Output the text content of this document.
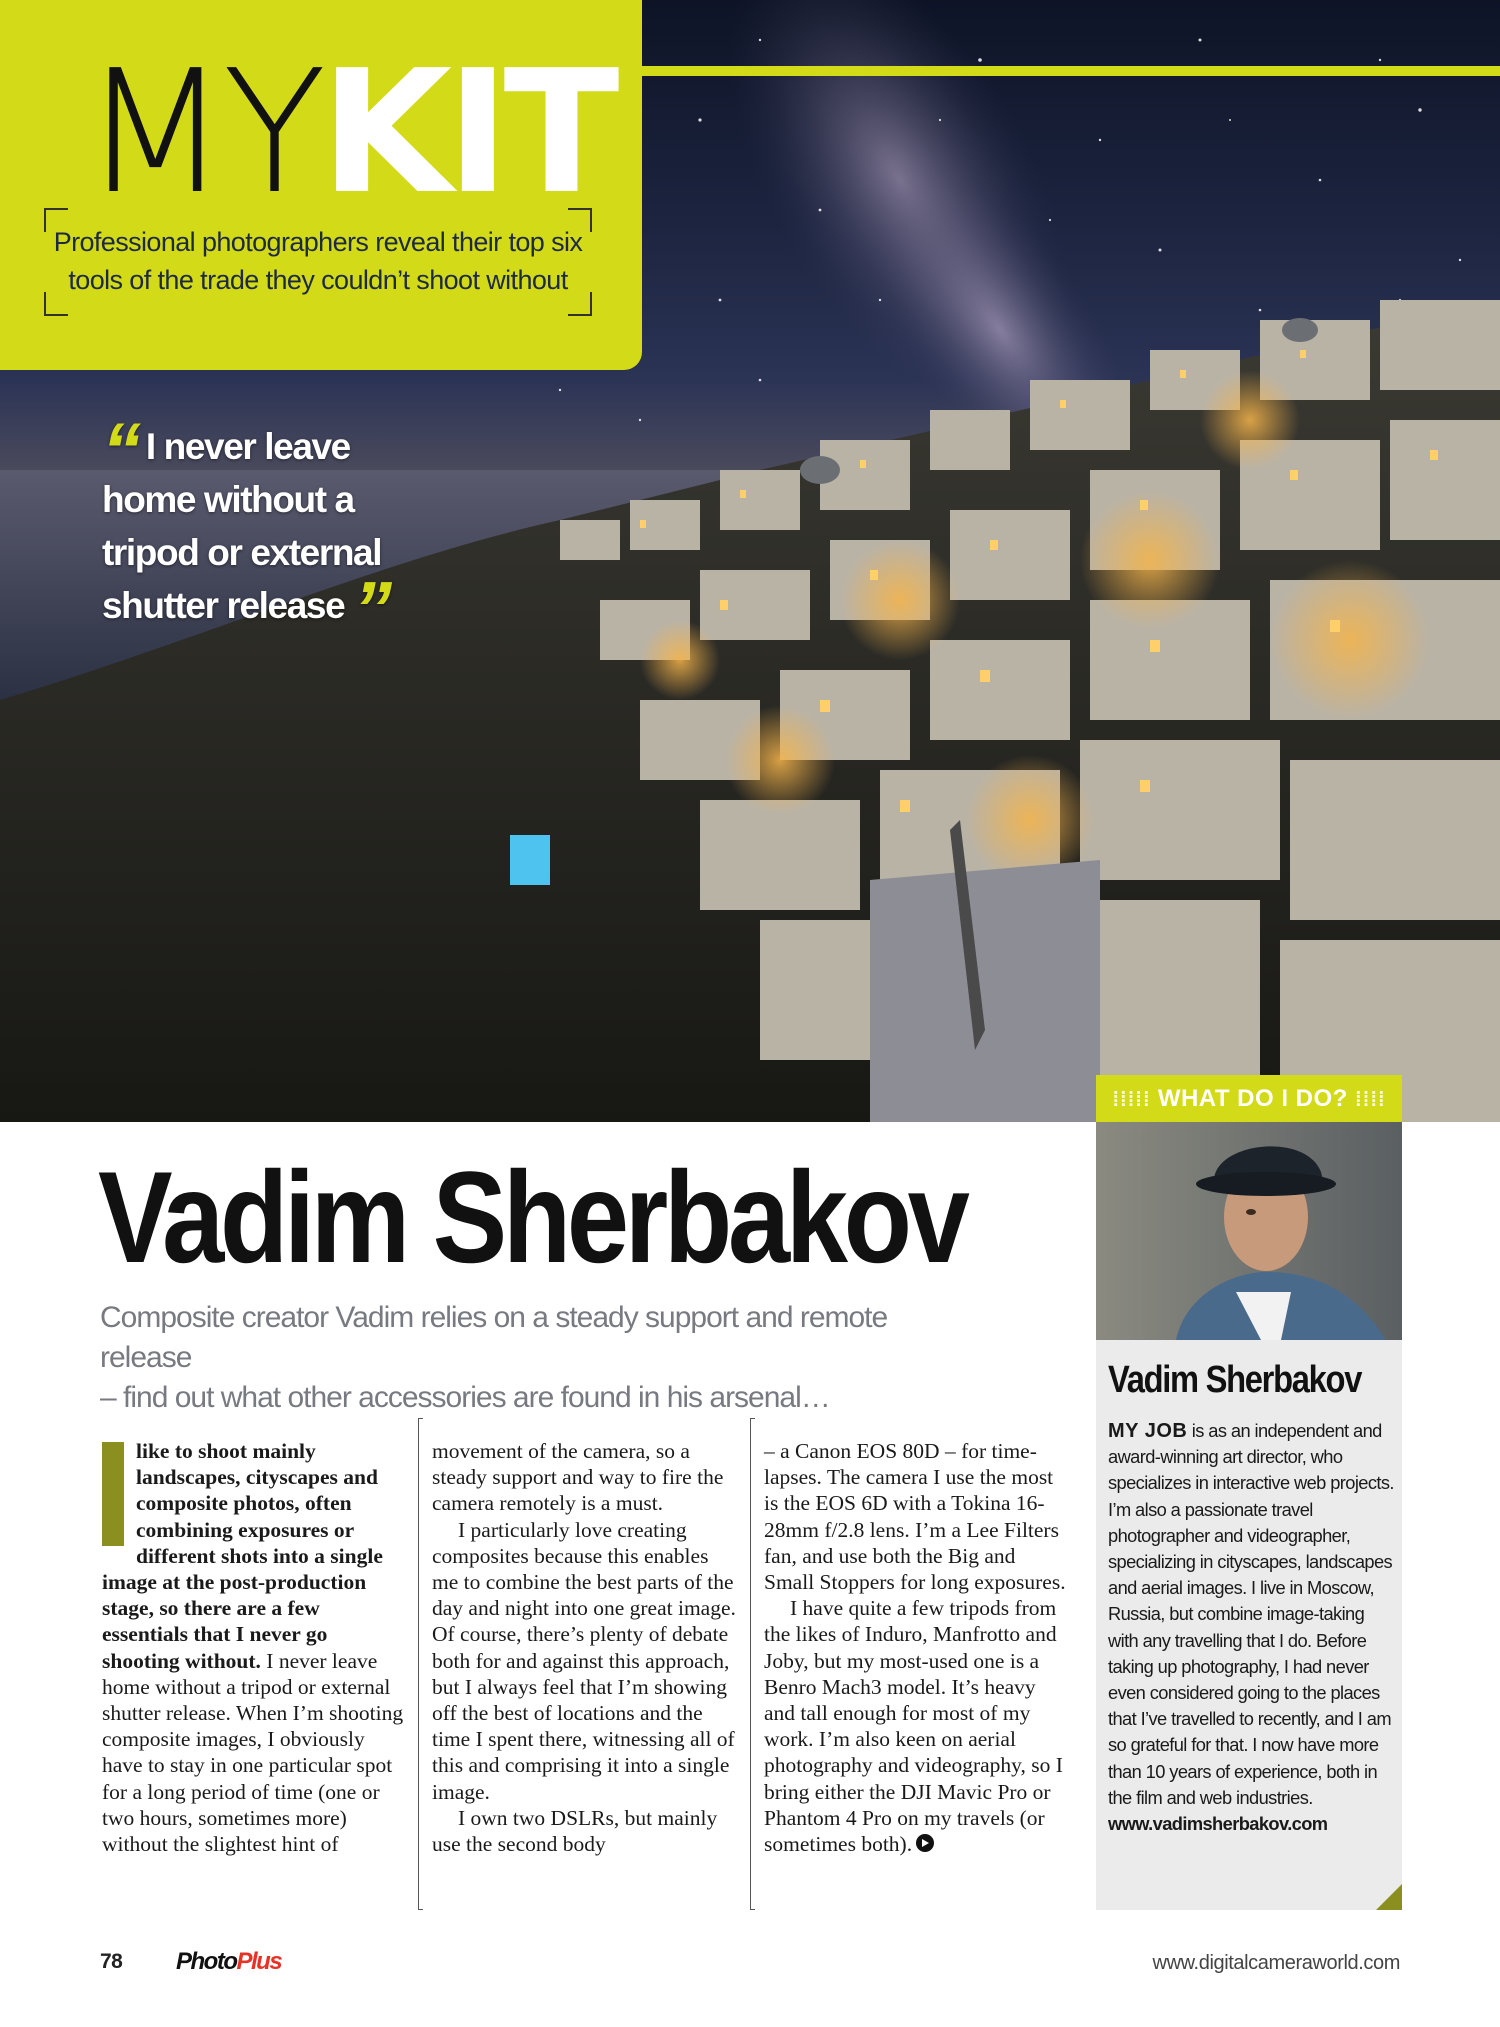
MYKIT
Professional photographers reveal their top six
tools of the trade they couldn’t shoot without
“ I never leave home without a tripod or external shutter release ”
⁞⁞⁞⁞⁞ WHAT DO I DO? ⁞⁞⁞⁞
Vadim Sherbakov
Composite creator Vadim relies on a steady support and remote release
– find out what other accessories are found in his arsenal…

like to shoot mainly landscapes, cityscapes and composite photos, often combining exposures or different shots into a single image at the post-production stage, so there are a few essentials that I never go shooting without. I never leave home without a tripod or external shutter release. When I’m shooting composite images, I obviously have to stay in one particular spot for a long period of time (one or two hours, sometimes more) without the slightest hint of

movement of the camera, so a steady support and way to fire the camera remotely is a must.

I particularly love creating composites because this enables me to combine the best parts of the day and night into one great image. Of course, there’s plenty of debate both for and against this approach, but I always feel that I’m showing off the best of locations and the time I spent there, witnessing all of this and comprising it into a single image.

I own two DSLRs, but mainly use the second body

– a Canon EOS 80D – for time-lapses. The camera I use the most is the EOS 6D with a Tokina 16-28mm f/2.8 lens. I’m a Lee Filters fan, and use both the Big and Small Stoppers for long exposures.

I have quite a few tripods from the likes of Induro, Manfrotto and Joby, but my most-used one is a Benro Mach3 model. It’s heavy and tall enough for most of my work. I’m also keen on aerial photography and videography, so I bring either the DJI Mavic Pro or Phantom 4 Pro on my travels (or sometimes both).

Vadim Sherbakov
MY JOB is as an independent and award-winning art director, who specializes in interactive web projects. I’m also a passionate travel photographer and videographer, specializing in cityscapes, landscapes and aerial images. I live in Moscow, Russia, but combine image-taking with any travelling that I do. Before taking up photography, I had never even considered going to the places that I’ve travelled to recently, and I am so grateful for that. I now have more than 10 years of experience, both in the film and web industries.
www.vadimsherbakov.com
78 PhotoPlus	www.digitalcameraworld.com
